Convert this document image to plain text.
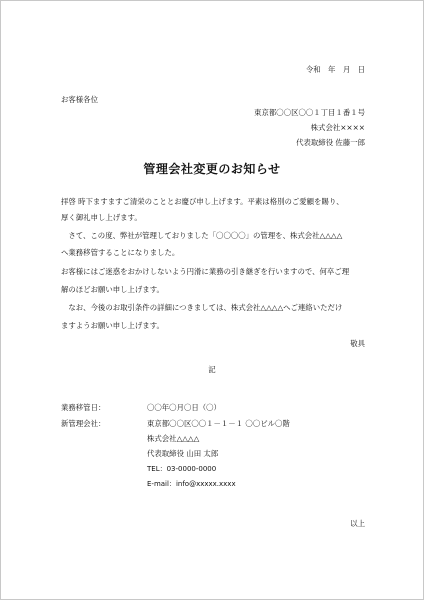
令和　年　月　日
お客様各位
東京都〇〇区〇〇１丁目１番１号
株式会社××××
代表取締役 佐藤一郎
管理会社変更のお知らせ
拝啓 時下ますますご清栄のこととお慶び申し上げます。平素は格別のご愛顧を賜り、
厚く御礼申し上げます。
　さて、この度、弊社が管理しておりました「〇〇〇〇」の管理を、株式会社△△△△
へ業務移管することになりました。
お客様にはご迷惑をおかけしないよう円滑に業務の引き継ぎを行いますので、何卒ご理
解のほどお願い申し上げます。
　なお、今後のお取引条件の詳細につきましては、株式会社△△△△へご連絡いただけ
ますようお願い申し上げます。
敬具
記
業務移管日：	〇〇年〇月〇日（〇）
新管理会社：	東京都〇〇区〇〇１－１－１ 〇〇ビル〇階
株式会社△△△△
代表取締役 山田 太郎
TEL：03-0000-0000
E-mail：info@xxxxx.xxxx
以上
